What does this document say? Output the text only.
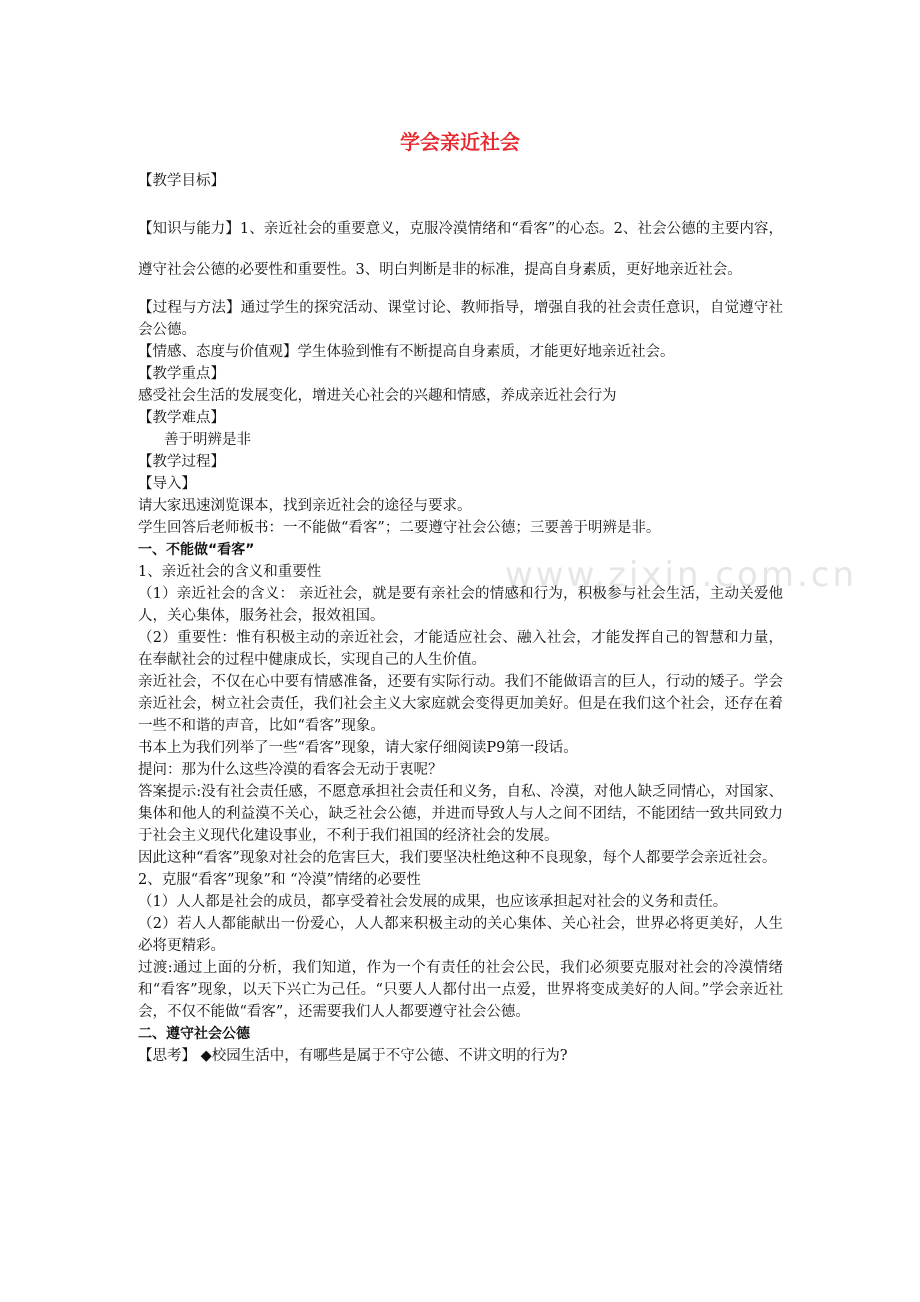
www.zixin.com.cn
学会亲近社会

【教学目标】

【知识与能力】1、亲近社会的重要意义，克服冷漠情绪和“看客”的心态。2、社会公德的主要内容，遵守社会公德的必要性和重要性。3、明白判断是非的标准，提高自身素质，更好地亲近社会。

【过程与方法】通过学生的探究活动、课堂讨论、教师指导，增强自我的社会责任意识，自觉遵守社会公德。

【情感、态度与价值观】学生体验到惟有不断提高自身素质，才能更好地亲近社会。

【教学重点】

感受社会生活的发展变化，增进关心社会的兴趣和情感，养成亲近社会行为

【教学难点】

善于明辨是非

【教学过程】

【导入】

请大家迅速浏览课本，找到亲近社会的途径与要求。

学生回答后老师板书：一不能做“看客”；二要遵守社会公德；三要善于明辨是非。

一、不能做“看客”

1、亲近社会的含义和重要性

（1）亲近社会的含义： 亲近社会，就是要有亲社会的情感和行为，积极参与社会生活，主动关爱他人，关心集体，服务社会，报效祖国。

（2）重要性：惟有积极主动的亲近社会，才能适应社会、融入社会，才能发挥自己的智慧和力量，在奉献社会的过程中健康成长，实现自己的人生价值。

亲近社会，不仅在心中要有情感准备，还要有实际行动。我们不能做语言的巨人，行动的矮子。学会亲近社会，树立社会责任，我们社会主义大家庭就会变得更加美好。但是在我们这个社会，还存在着一些不和谐的声音，比如“看客”现象。

书本上为我们列举了一些“看客”现象，请大家仔细阅读P9第一段话。

提问：那为什么这些冷漠的看客会无动于衷呢？

答案提示:没有社会责任感，不愿意承担社会责任和义务，自私、冷漠，对他人缺乏同情心，对国家、集体和他人的利益漠不关心，缺乏社会公德，并进而导致人与人之间不团结，不能团结一致共同致力于社会主义现代化建设事业，不利于我们祖国的经济社会的发展。

因此这种“看客”现象对社会的危害巨大，我们要坚决杜绝这种不良现象，每个人都要学会亲近社会。

2、克服“看客”现象”和 “冷漠”情绪的必要性

（1）人人都是社会的成员，都享受着社会发展的成果，也应该承担起对社会的义务和责任。

（2）若人人都能献出一份爱心，人人都来积极主动的关心集体、关心社会，世界必将更美好，人生必将更精彩。

过渡:通过上面的分析，我们知道，作为一个有责任的社会公民，我们必须要克服对社会的冷漠情绪和“看客”现象，以天下兴亡为己任。“只要人人都付出一点爱，世界将变成美好的人间。”学会亲近社会，不仅不能做“看客”，还需要我们人人都要遵守社会公德。

二、遵守社会公德

【思考】 ◆校园生活中，有哪些是属于不守公德、不讲文明的行为?
